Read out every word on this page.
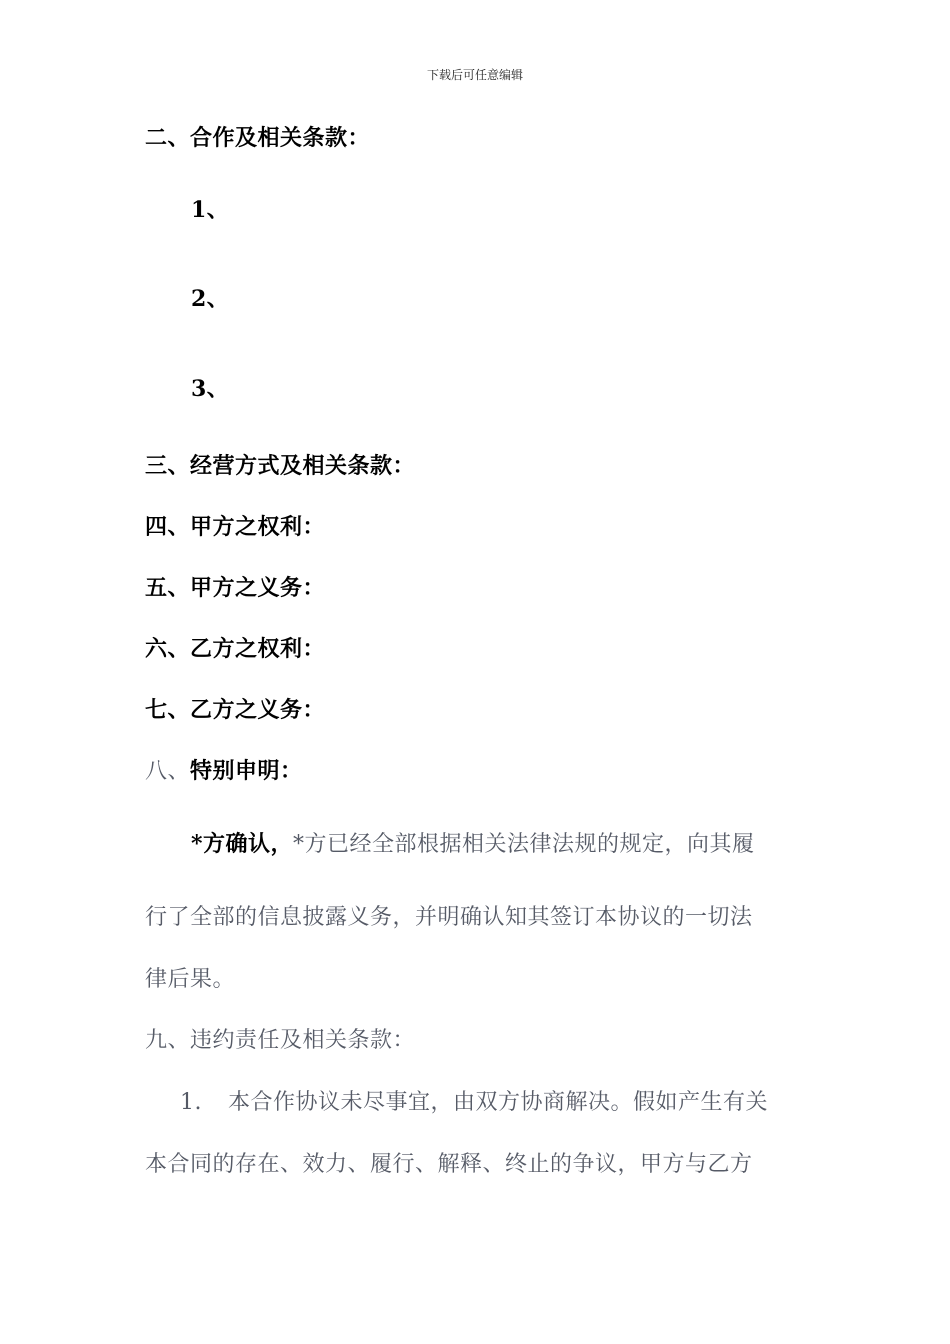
下载后可任意编辑
二、合作及相关条款：
1、
2、
3、
三、经营方式及相关条款：
四、甲方之权利：
五、甲方之义务：
六、乙方之权利：
七、乙方之义务：
八、特别申明：
*方确认，*方已经全部根据相关法律法规的规定，向其履
行了全部的信息披露义务，并明确认知其签订本协议的一切法
律后果。
九、违约责任及相关条款：
1. 本合作协议未尽事宜，由双方协商解决。假如产生有关
本合同的存在、效力、履行、解释、终止的争议，甲方与乙方
